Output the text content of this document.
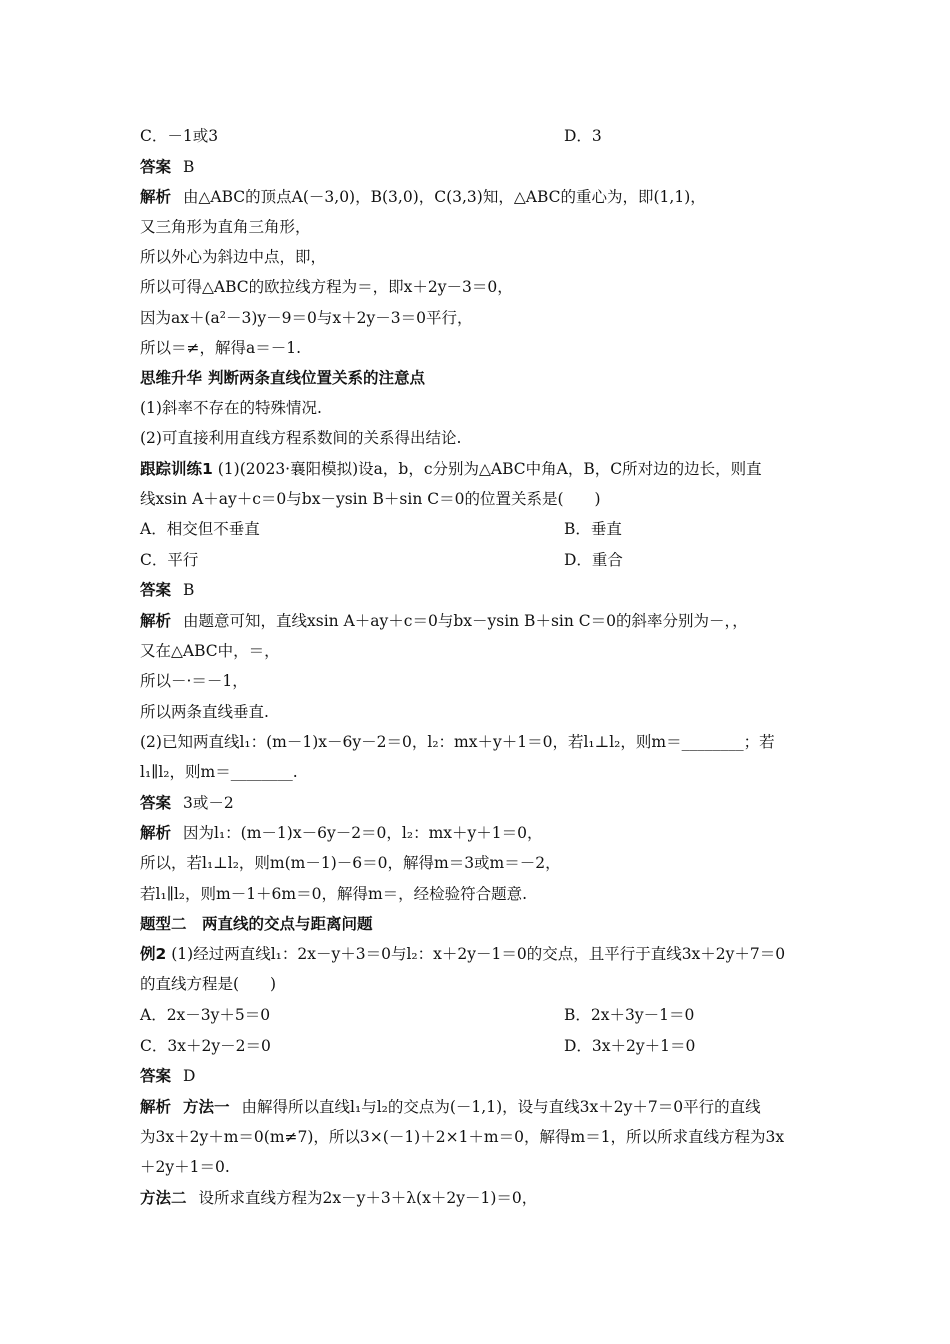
C．－1或3	D．3
答案 B
解析 由△ABC的顶点A(－3,0)，B(3,0)，C(3,3)知，△ABC的重心为，即(1,1)，
又三角形为直角三角形，
所以外心为斜边中点，即，
所以可得△ABC的欧拉线方程为＝，即x＋2y－3＝0，
因为ax＋(a²－3)y－9＝0与x＋2y－3＝0平行，
所以＝≠，解得a＝－1.
思维升华 判断两条直线位置关系的注意点
(1)斜率不存在的特殊情况.
(2)可直接利用直线方程系数间的关系得出结论.
跟踪训练1 (1)(2023·襄阳模拟)设a，b，c分别为△ABC中角A，B，C所对边的边长，则直
线xsin A＋ay＋c＝0与bx－ysin B＋sin C＝0的位置关系是(　　)
A．相交但不垂直	B．垂直
C．平行	D．重合
答案 B
解析 由题意可知，直线xsin A＋ay＋c＝0与bx－ysin B＋sin C＝0的斜率分别为－，，
又在△ABC中，＝，
所以－·＝－1，
所以两条直线垂直.
(2)已知两直线l₁：(m－1)x－6y－2＝0，l₂：mx＋y＋1＝0，若l₁⊥l₂，则m＝________；若
l₁∥l₂，则m＝________.
答案 3或－2
解析 因为l₁：(m－1)x－6y－2＝0，l₂：mx＋y＋1＝0，
所以，若l₁⊥l₂，则m(m－1)－6＝0，解得m＝3或m＝－2，
若l₁∥l₂，则m－1＋6m＝0，解得m＝，经检验符合题意.
题型二　两直线的交点与距离问题
例2 (1)经过两直线l₁：2x－y＋3＝0与l₂：x＋2y－1＝0的交点，且平行于直线3x＋2y＋7＝0
的直线方程是(　　)
A．2x－3y＋5＝0	B．2x＋3y－1＝0
C．3x＋2y－2＝0	D．3x＋2y＋1＝0
答案 D
解析 方法一 由解得所以直线l₁与l₂的交点为(－1,1)，设与直线3x＋2y＋7＝0平行的直线
为3x＋2y＋m＝0(m≠7)，所以3×(－1)＋2×1＋m＝0，解得m＝1，所以所求直线方程为3x
＋2y＋1＝0.
方法二 设所求直线方程为2x－y＋3＋λ(x＋2y－1)＝0，
